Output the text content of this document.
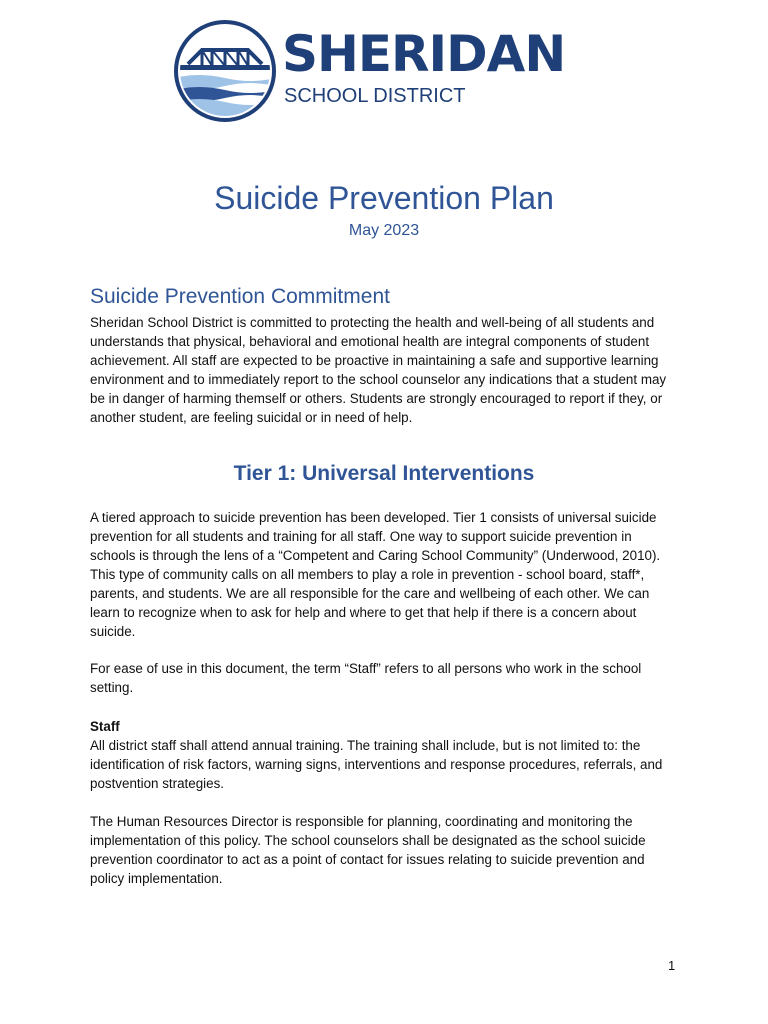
SHERIDAN
SCHOOL DISTRICT
Suicide Prevention Plan
May 2023
Suicide Prevention Commitment

Sheridan School District is committed to protecting the health and well-being of all students and understands that physical, behavioral and emotional health are integral components of student achievement. All staff are expected to be proactive in maintaining a safe and supportive learning environment and to immediately report to the school counselor any indications that a student may be in danger of harming themself or others. Students are strongly encouraged to report if they, or another student, are feeling suicidal or in need of help.

Tier 1: Universal Interventions

A tiered approach to suicide prevention has been developed. Tier 1 consists of universal suicide prevention for all students and training for all staff. One way to support suicide prevention in schools is through the lens of a “Competent and Caring School Community” (Underwood, 2010). This type of community calls on all members to play a role in prevention - school board, staff*, parents, and students. We are all responsible for the care and wellbeing of each other. We can learn to recognize when to ask for help and where to get that help if there is a concern about suicide.

For ease of use in this document, the term “Staff” refers to all persons who work in the school setting.

Staff

All district staff shall attend annual training. The training shall include, but is not limited to: the identification of risk factors, warning signs, interventions and response procedures, referrals, and postvention strategies.

The Human Resources Director is responsible for planning, coordinating and monitoring the implementation of this policy. The school counselors shall be designated as the school suicide prevention coordinator to act as a point of contact for issues relating to suicide prevention and policy implementation.

1
